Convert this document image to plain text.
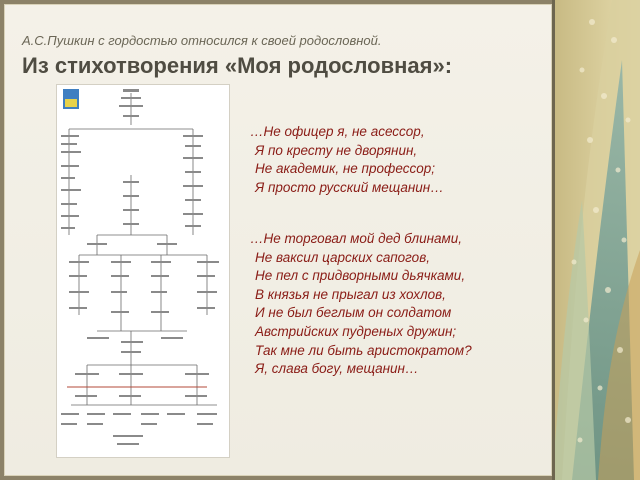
А.С.Пушкин с гордостью относился к своей родословной.
Из стихотворения «Моя родословная»:
…Не офицер я, не асессор,
Я по кресту не дворянин,
Не академик, не профессор;
Я просто русский мещанин…
…Не торговал мой дед блинами,
Не ваксил царских сапогов,
Не пел с придворными дьячками,
В князья не прыгал из хохлов,
И не был беглым он солдатом
Австрийских пудреных дружин;
Так мне ли быть аристократом?
Я, слава богу, мещанин…
